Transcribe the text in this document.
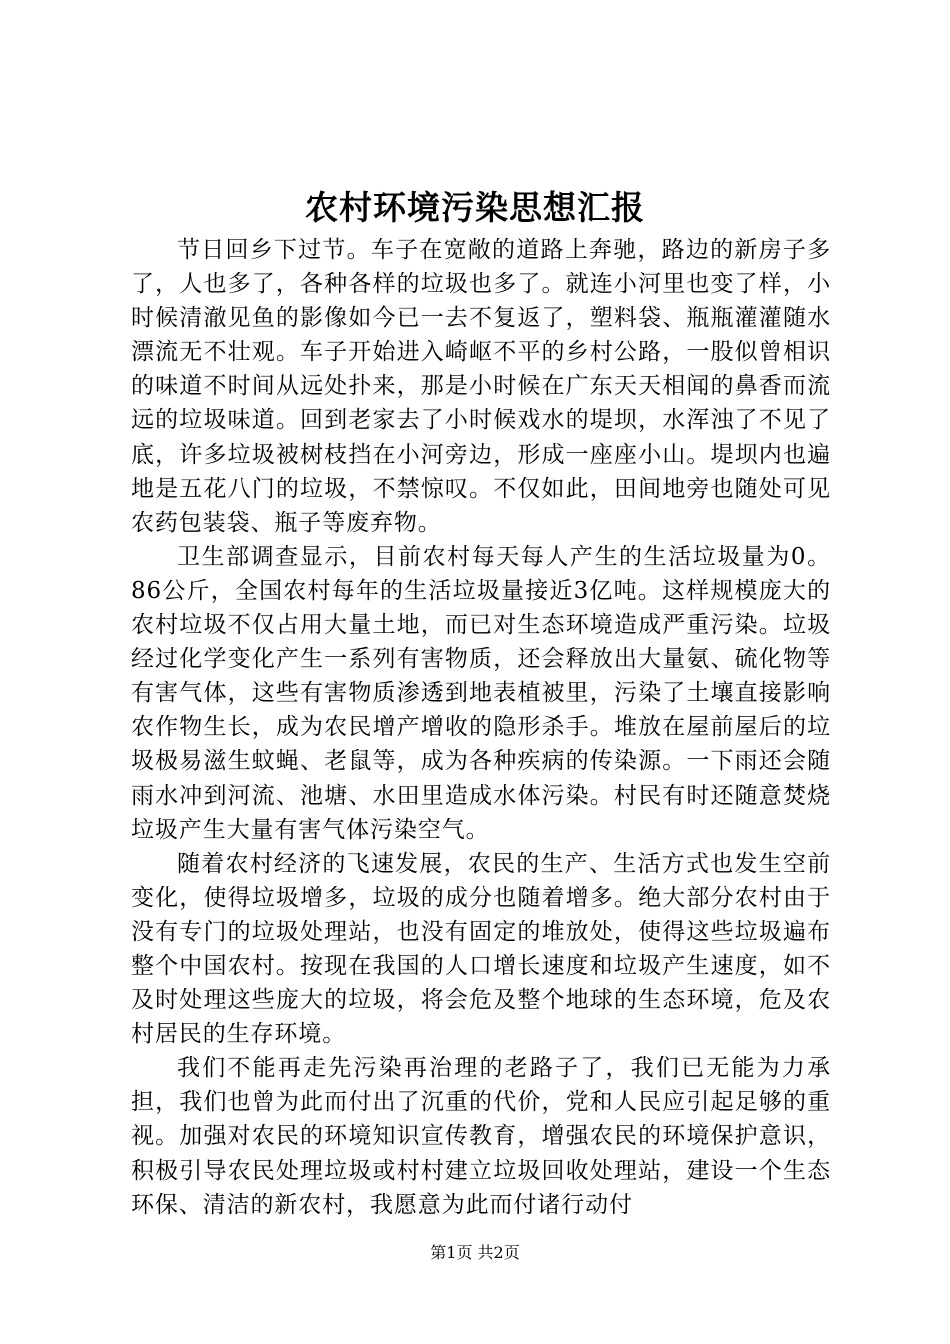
农村环境污染思想汇报

节日回乡下过节。车子在宽敞的道路上奔驰，路边的新房子多了，人也多了，各种各样的垃圾也多了。就连小河里也变了样，小时候清澈见鱼的影像如今已一去不复返了，塑料袋、瓶瓶灌灌随水漂流无不壮观。车子开始进入崎岖不平的乡村公路，一股似曾相识的味道不时间从远处扑来，那是小时候在广东天天相闻的鼻香而流远的垃圾味道。回到老家去了小时候戏水的堤坝，水浑浊了不见了底，许多垃圾被树枝挡在小河旁边，形成一座座小山。堤坝内也遍地是五花八门的垃圾，不禁惊叹。不仅如此，田间地旁也随处可见农药包装袋、瓶子等废弃物。

卫生部调查显示，目前农村每天每人产生的生活垃圾量为0。86公斤，全国农村每年的生活垃圾量接近3亿吨。这样规模庞大的农村垃圾不仅占用大量土地，而已对生态环境造成严重污染。垃圾经过化学变化产生一系列有害物质，还会释放出大量氨、硫化物等有害气体，这些有害物质渗透到地表植被里，污染了土壤直接影响农作物生长，成为农民增产增收的隐形杀手。堆放在屋前屋后的垃圾极易滋生蚊蝇、老鼠等，成为各种疾病的传染源。一下雨还会随雨水冲到河流、池塘、水田里造成水体污染。村民有时还随意焚烧垃圾产生大量有害气体污染空气。

随着农村经济的飞速发展，农民的生产、生活方式也发生空前变化，使得垃圾增多，垃圾的成分也随着增多。绝大部分农村由于没有专门的垃圾处理站，也没有固定的堆放处，使得这些垃圾遍布整个中国农村。按现在我国的人口增长速度和垃圾产生速度，如不及时处理这些庞大的垃圾，将会危及整个地球的生态环境，危及农村居民的生存环境。

我们不能再走先污染再治理的老路子了，我们已无能为力承担，我们也曾为此而付出了沉重的代价，党和人民应引起足够的重视。加强对农民的环境知识宣传教育，增强农民的环境保护意识，积极引导农民处理垃圾或村村建立垃圾回收处理站，建设一个生态环保、清洁的新农村，我愿意为此而付诸行动付

第1页 共2页
